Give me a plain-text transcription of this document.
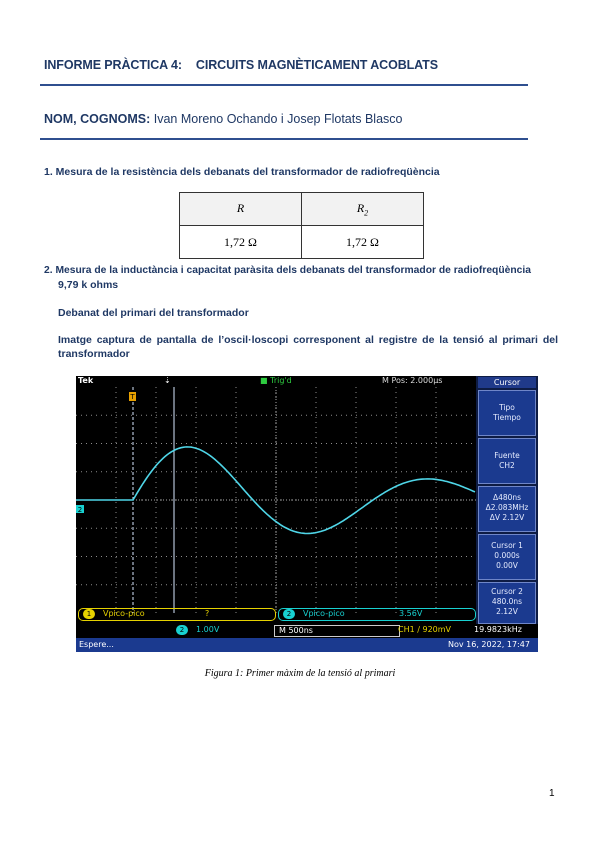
INFORME PRÀCTICA 4: CIRCUITS MAGNÈTICAMENT ACOBLATS
NOM, COGNOMS: Ivan Moreno Ochando i Josep Flotats Blasco
1. Mesura de la resistència dels debanats del transformador de radiofreqüència
R	$R_2$
1,72 Ω	1,72 Ω
2. Mesura de la inductància i capacitat paràsita dels debanats del transformador de radiofreqüència
9,79 k ohms
Debanat del primari del transformador
Imatge captura de pantalla de l’oscil·loscopi corresponent al registre de la tensió al primari del transformador
Tek	⇣	■ Trig'd	M Pos: 2.000µs
T
2
Cursor
Tipo
Tiempo
Fuente
CH2
Δ480ns
Δ2.083MHz
ΔV 2.12V
Cursor 1
0.000s
0.00V
Cursor 2
480.0ns
2.12V
1	Vpico-pico	?	2	Vpico-pico	3.56V
2	1.00V	M 500ns	CH1 ∕ 920mV	19.9823kHz
Espere...	Nov 16, 2022, 17:47
Figura 1: Primer màxim de la tensió al primari
1
